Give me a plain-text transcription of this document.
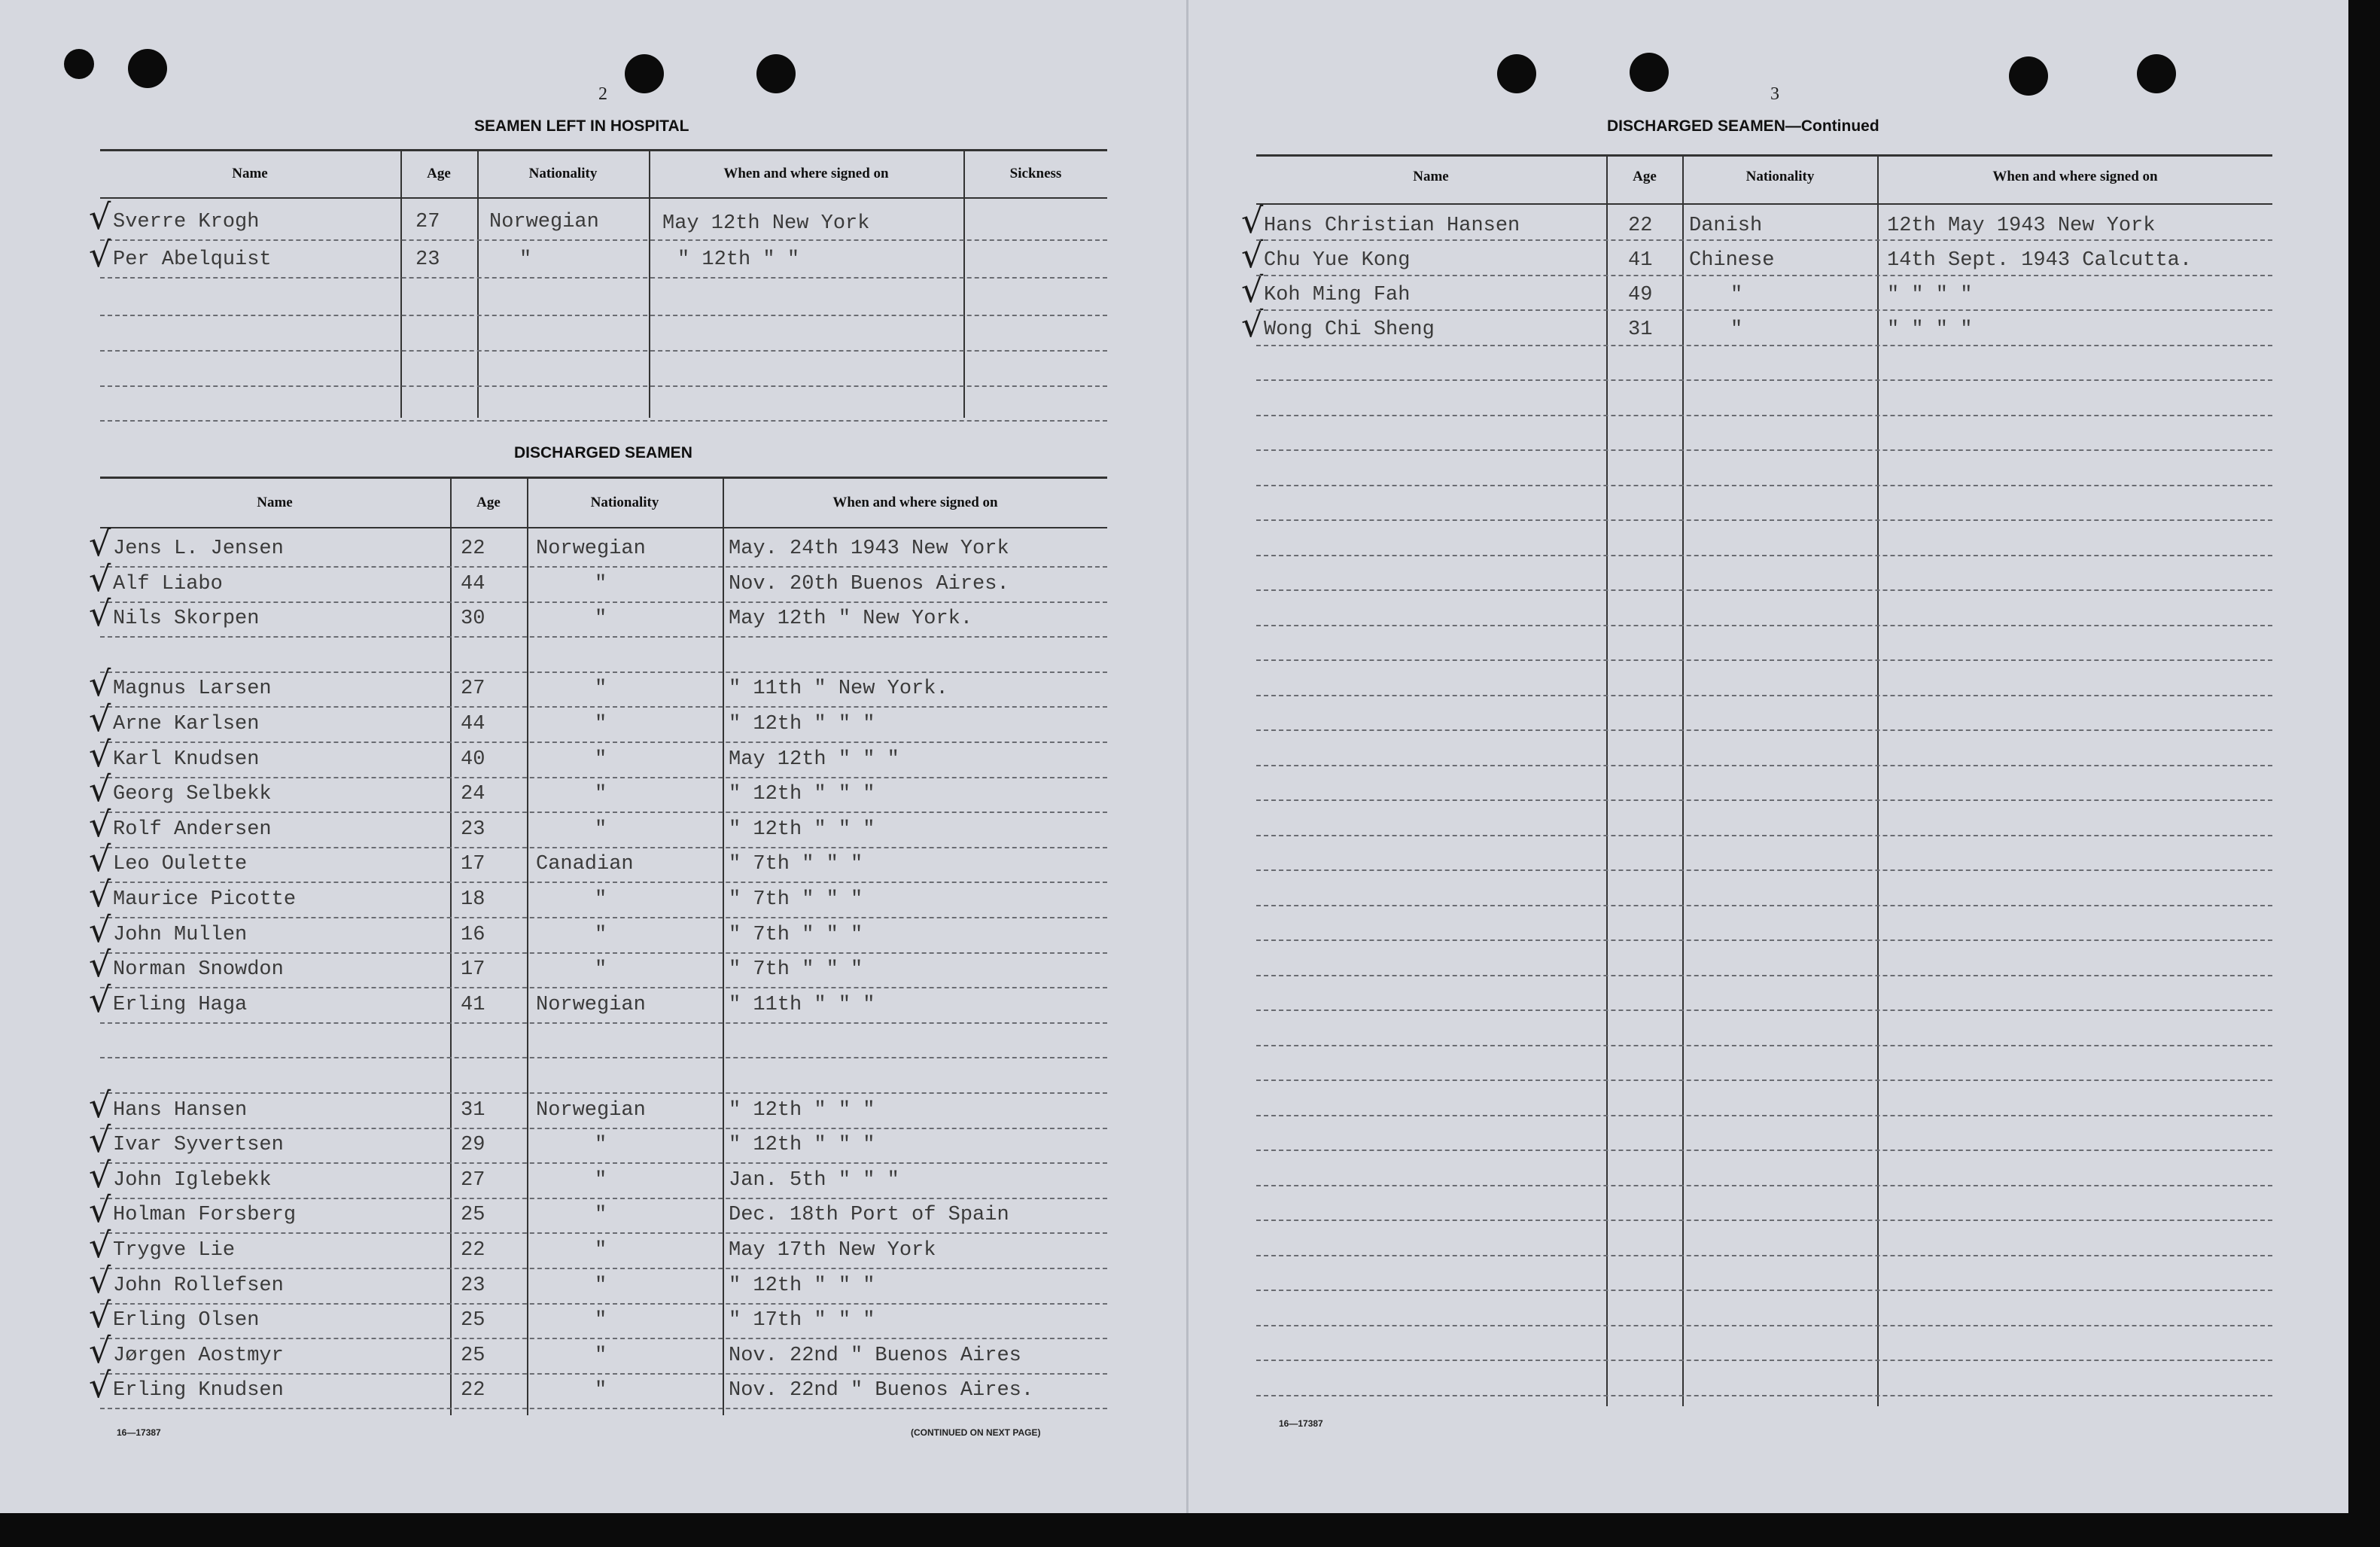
2
SEAMEN LEFT IN HOSPITAL
Name	Age	Nationality	When and where signed on	Sickness
√ Sverre Krogh	27 Norwegian	May 12th New York
√ Per Abelquist	23	"	" 12th " "
DISCHARGED SEAMEN
Name	Age	Nationality	When and where signed on
√ Jens L. Jensen	22	Norwegian	May. 24th 1943 New York
√ Alf Liabo	44	"	Nov. 20th Buenos Aires.
√ Nils Skorpen	30	"	May 12th " New York.
√ Magnus Larsen	27	"	" 11th " New York.
√ Arne Karlsen	44	"	" 12th " " "
√ Karl Knudsen	40	"	May 12th " " "
√ Georg Selbekk	24	"	" 12th " " "
√ Rolf Andersen	23	"	" 12th " " "
√ Leo Oulette	17	Canadian	" 7th " " "
√ Maurice Picotte	18	"	" 7th " " "
√ John Mullen	16	"	" 7th " " "
√ Norman Snowdon	17	"	" 7th " " "
√ Erling Haga	41	Norwegian	" 11th " " "
√ Hans Hansen	31	Norwegian	" 12th " " "
√ Ivar Syvertsen	29	"	" 12th " " "
√ John Iglebekk	27	"	Jan. 5th " " "
√ Holman Forsberg	25	"	Dec. 18th Port of Spain
√ Trygve Lie	22	"	May 17th New York
√ John Rollefsen	23	"	" 12th " " "
√ Erling Olsen	25	"	" 17th " " "
√ Jørgen Aostmyr	25	"	Nov. 22nd " Buenos Aires
√ Erling Knudsen	22	"	Nov. 22nd " Buenos Aires.
16—17387	(CONTINUED ON NEXT PAGE)
3
DISCHARGED SEAMEN—Continued
Name	Age	Nationality	When and where signed on
√ Hans Christian Hansen	22 Danish	12th May 1943 New York
√ Chu Yue Kong	41 Chinese	14th Sept. 1943 Calcutta.
√ Koh Ming Fah	49	"	" " " "
√ Wong Chi Sheng	31	"	" " " "
16—17387
